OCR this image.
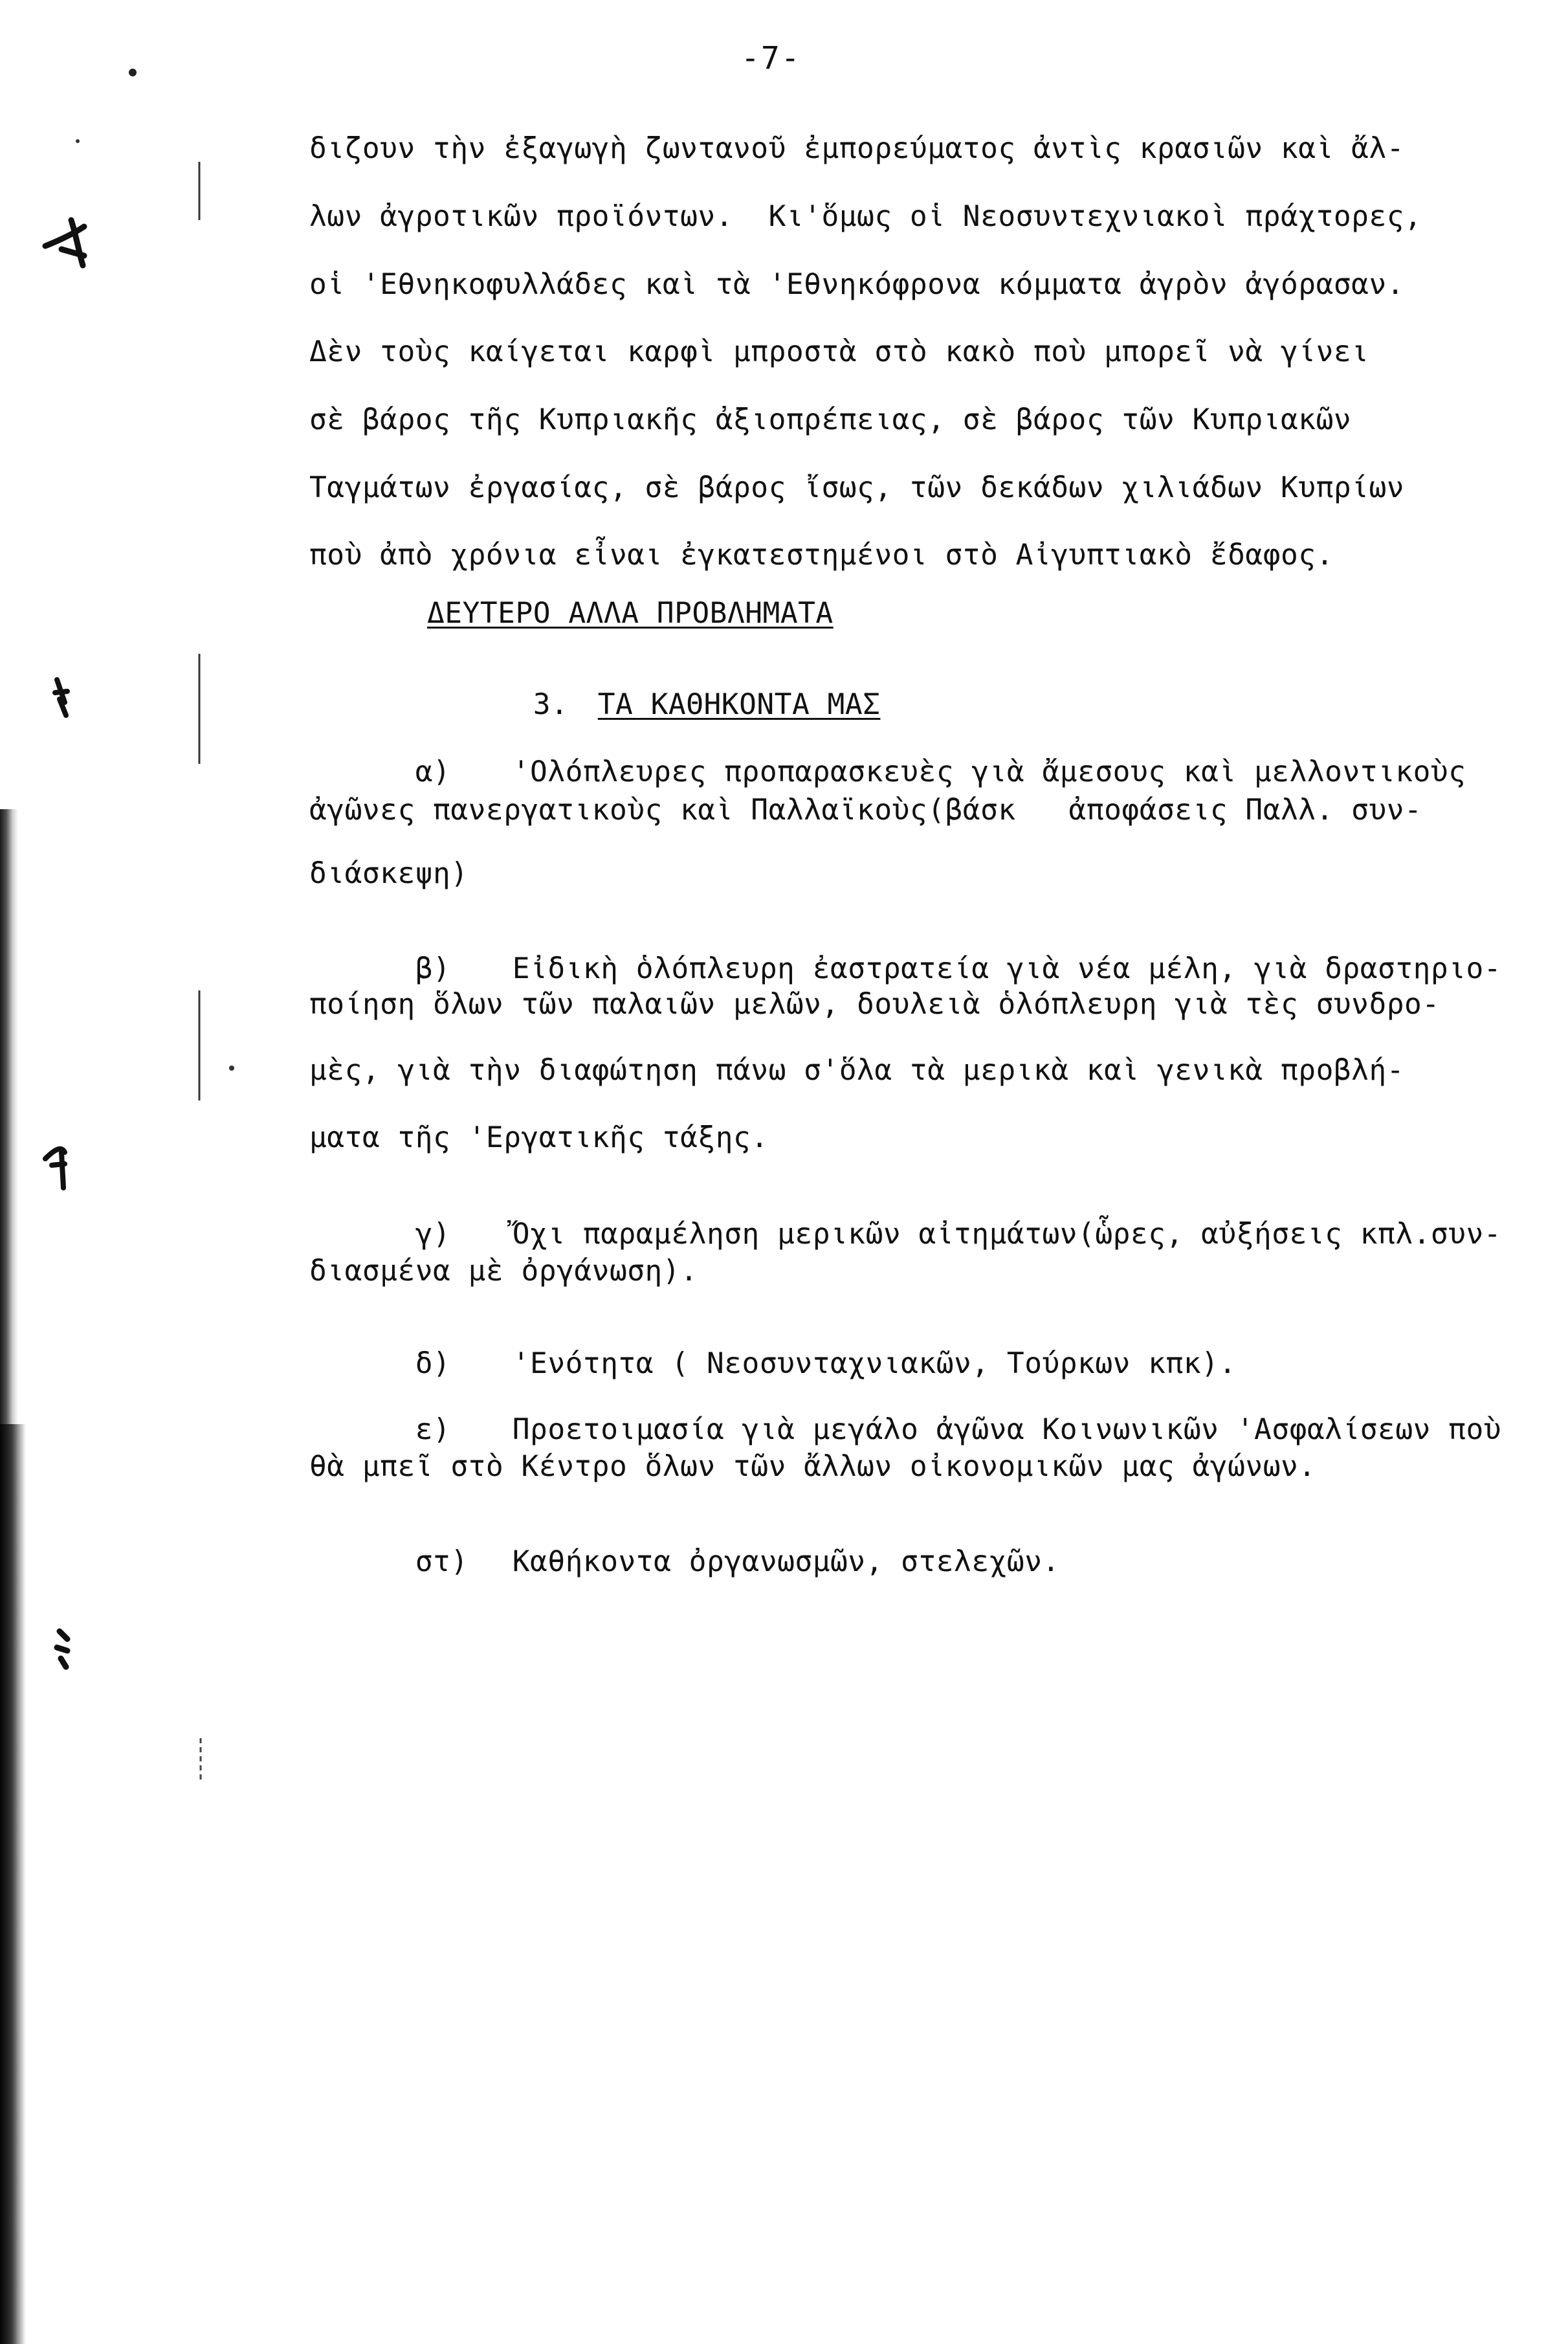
-7-
διζουν τὴν ἐξαγωγὴ ζωντανοῦ ἐμπορεύματος ἀντὶς κρασιῶν καὶ ἄλ-
λων ἀγροτικῶν προϊόντων.  Κι'ὅμως οἱ Νεοσυντεχνιακοὶ πράχτορες,
οἱ 'Εθνηκοφυλλάδες καὶ τὰ 'Εθνηκόφρονα κόμματα ἀγρὸν ἀγόρασαν.
Δὲν τοὺς καίγεται καρφὶ μπροστὰ στὸ κακὸ ποὺ μπορεῖ νὰ γίνει
σὲ βάρος τῆς Κυπριακῆς ἀξιοπρέπειας, σὲ βάρος τῶν Κυπριακῶν
Ταγμάτων ἐργασίας, σὲ βάρος ἴσως, τῶν δεκάδων χιλιάδων Κυπρίων
ποὺ ἀπὸ χρόνια εἶναι ἐγκατεστημένοι στὸ Αἰγυπτιακὸ ἔδαφος.
ΔΕΥΤΕΡΟ ΑΛΛΑ ΠΡΟΒΛΗΜΑΤΑ

3. ΤΑ ΚΑΘΗΚΟΝΤΑ ΜΑΣ

α) 'Ολόπλευρες προπαρασκευὲς γιὰ ἄμεσους καὶ μελλοντικοὺς

ἀγῶνες πανεργατικοὺς καὶ Παλλαϊκοὺς(βάσκ   ἀποφάσεις Παλλ. συν-
διάσκεψη)

β) Εἰδικὴ ὁλόπλευρη ἐαστρατεία γιὰ νέα μέλη, γιὰ δραστηριο-

ποίηση ὅλων τῶν παλαιῶν μελῶν, δουλειὰ ὁλόπλευρη γιὰ τὲς συνδρο-
μὲς, γιὰ τὴν διαφώτηση πάνω σ'ὅλα τὰ μερικὰ καὶ γενικὰ προβλή-
ματα τῆς 'Εργατικῆς τάξης.

γ) Ὄχι παραμέληση μερικῶν αἰτημάτων(ὧρες, αὐξήσεις κπλ.συν-

διασμένα μὲ ὀργάνωση).

δ) 'Ενότητα ( Νεοσυνταχνιακῶν, Τούρκων κπκ).

ε) Προετοιμασία γιὰ μεγάλο ἀγῶνα Κοινωνικῶν 'Ασφαλίσεων ποὺ

θὰ μπεῖ στὸ Κέντρο ὅλων τῶν ἄλλων οἰκονομικῶν μας ἀγώνων.

στ) Καθήκοντα ὀργανωσμῶν, στελεχῶν.
